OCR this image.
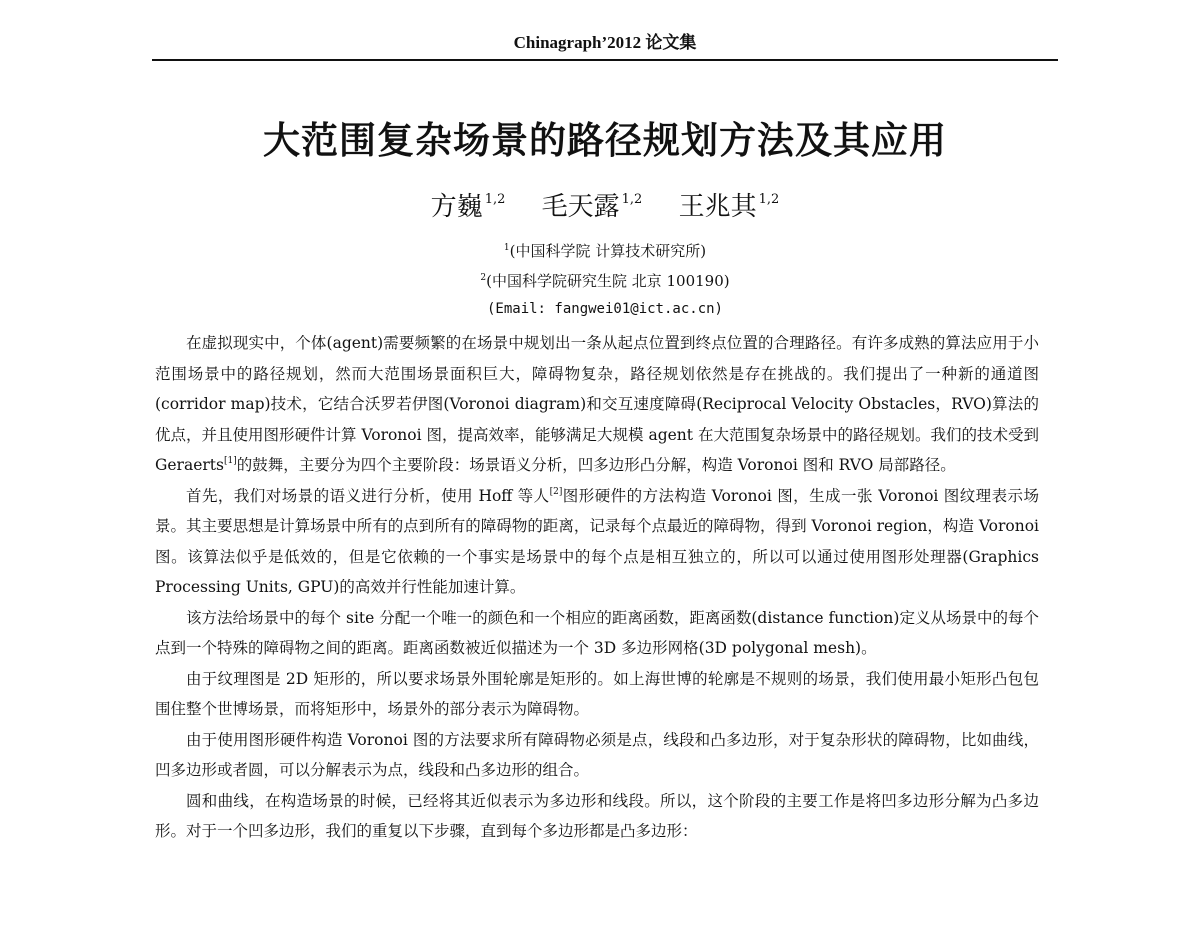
Chinagraph’2012 论文集
大范围复杂场景的路径规划方法及其应用
方巍 $^{1,2}$ 毛天露 $^{1,2}$ 王兆其 $^{1,2}$
$^1$(中国科学院 计算技术研究所)
$^2$(中国科学院研究生院 北京 100190)
(Email: fangwei01@ict.ac.cn)

在虚拟现实中，个体(agent)需要频繁的在场景中规划出一条从起点位置到终点位置的合理路径。有许多成熟的算法应用于小范围场景中的路径规划，然而大范围场景面积巨大，障碍物复杂，路径规划依然是存在挑战的。我们提出了一种新的通道图(corridor map)技术，它结合沃罗若伊图(Voronoi diagram)和交互速度障碍(Reciprocal Velocity Obstacles，RVO)算法的优点，并且使用图形硬件计算 Voronoi 图，提高效率，能够满足大规模 agent 在大范围复杂场景中的路径规划。我们的技术受到 Geraerts[1]的鼓舞，主要分为四个主要阶段：场景语义分析，凹多边形凸分解，构造 Voronoi 图和 RVO 局部路径。

首先，我们对场景的语义进行分析，使用 Hoff 等人[2]图形硬件的方法构造 Voronoi 图，生成一张 Voronoi 图纹理表示场景。其主要思想是计算场景中所有的点到所有的障碍物的距离，记录每个点最近的障碍物，得到 Voronoi region，构造 Voronoi 图。该算法似乎是低效的，但是它依赖的一个事实是场景中的每个点是相互独立的，所以可以通过使用图形处理器(Graphics Processing Units, GPU)的高效并行性能加速计算。

该方法给场景中的每个 site 分配一个唯一的颜色和一个相应的距离函数，距离函数(distance function)定义从场景中的每个点到一个特殊的障碍物之间的距离。距离函数被近似描述为一个 3D 多边形网格(3D polygonal mesh)。

由于纹理图是 2D 矩形的，所以要求场景外围轮廓是矩形的。如上海世博的轮廓是不规则的场景，我们使用最小矩形凸包包围住整个世博场景，而将矩形中，场景外的部分表示为障碍物。

由于使用图形硬件构造 Voronoi 图的方法要求所有障碍物必须是点，线段和凸多边形，对于复杂形状的障碍物，比如曲线，凹多边形或者圆，可以分解表示为点，线段和凸多边形的组合。

圆和曲线，在构造场景的时候，已经将其近似表示为多边形和线段。所以，这个阶段的主要工作是将凹多边形分解为凸多边形。对于一个凹多边形，我们的重复以下步骤，直到每个多边形都是凸多边形：
